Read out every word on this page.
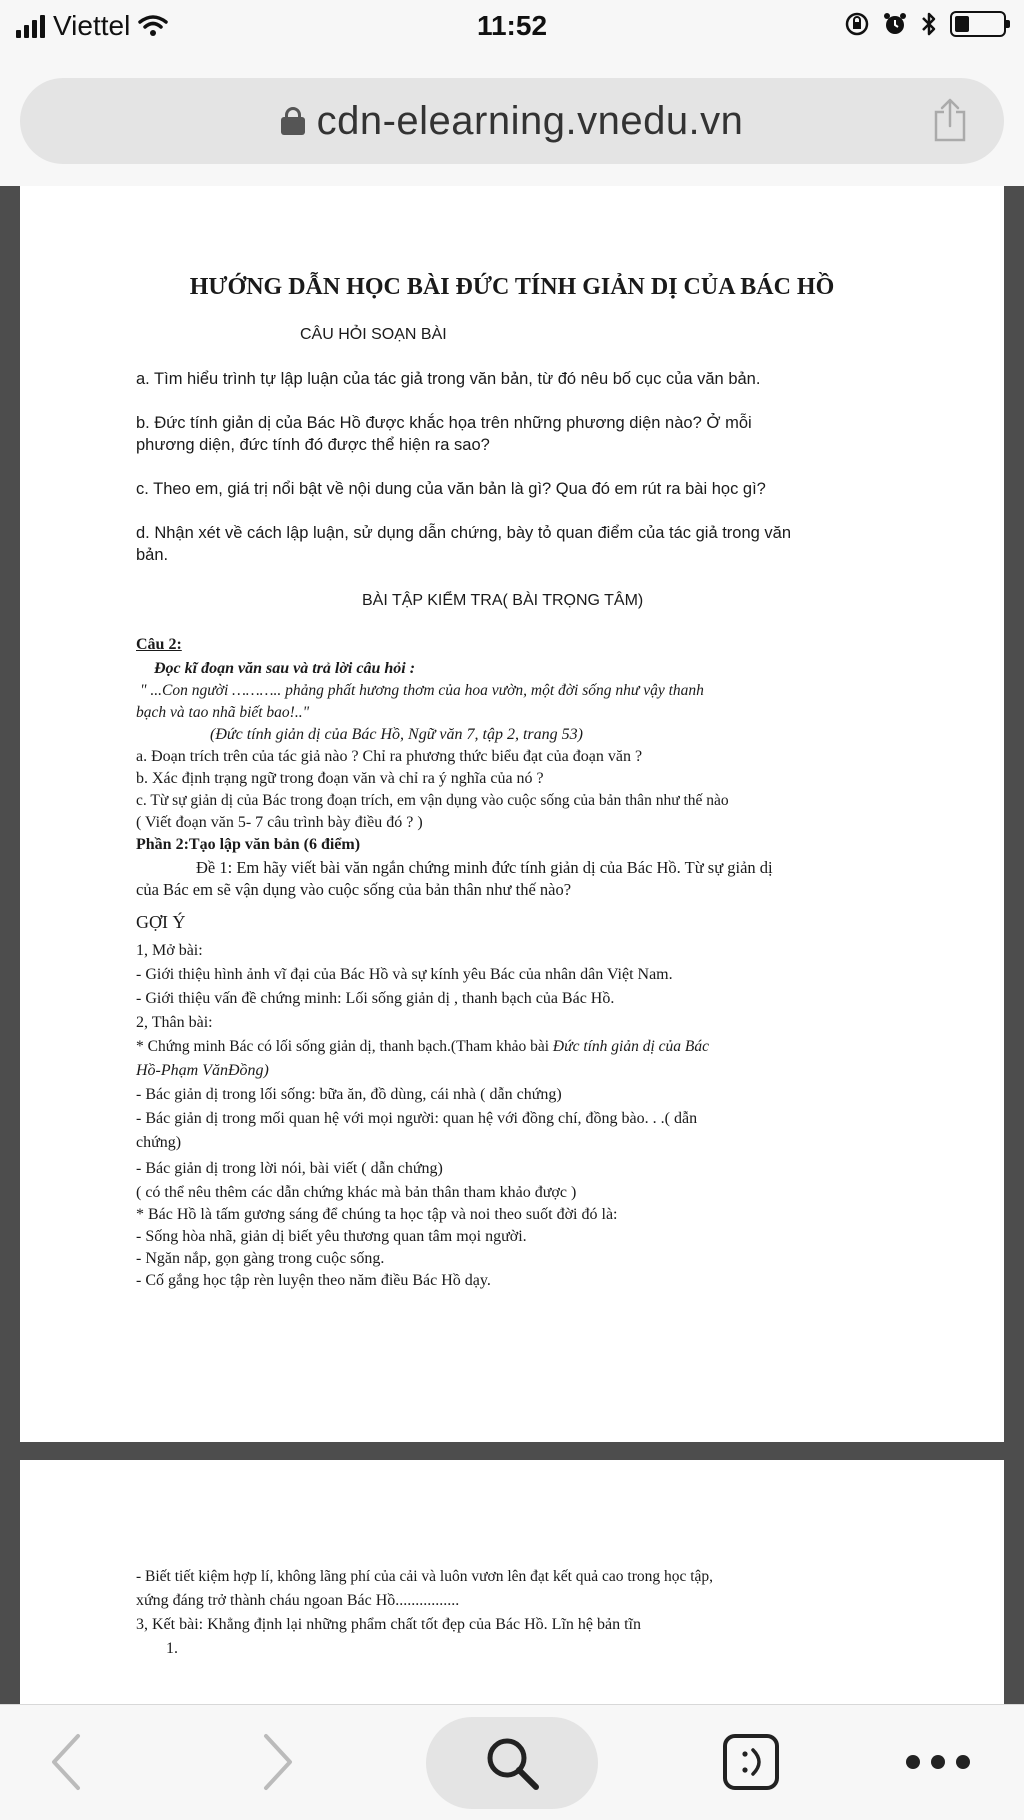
Viettel	11:52
cdn-elearning.vnedu.vn
HƯỚNG DẪN HỌC BÀI ĐỨC TÍNH GIẢN DỊ CỦA BÁC HỒ
CÂU HỎI SOẠN BÀI
a. Tìm hiểu trình tự lập luận của tác giả trong văn bản, từ đó nêu bố cục của văn bản.
b. Đức tính giản dị của Bác Hồ được khắc họa trên những phương diện nào? Ở mỗi
phương diện, đức tính đó được thể hiện ra sao?
c. Theo em, giá trị nổi bật về nội dung của văn bản là gì? Qua đó em rút ra bài học gì?
d. Nhận xét về cách lập luận, sử dụng dẫn chứng, bày tỏ quan điểm của tác giả trong văn
bản.
BÀI TẬP KIỂM TRA( BÀI TRỌNG TÂM)
Câu 2:
Đọc kĩ đoạn văn sau và trả lời câu hỏi :
" ...Con người ……….. phảng phất hương thơm của hoa vườn, một đời sống như vậy thanh
bạch và tao nhã biết bao!.."
(Đức tính giản dị của Bác Hồ, Ngữ văn 7, tập 2, trang 53)
a. Đoạn trích trên của tác giả nào ? Chỉ ra phương thức biểu đạt của đoạn văn ?
b. Xác định trạng ngữ trong đoạn văn và chỉ ra ý nghĩa của nó ?
c. Từ sự giản dị của Bác trong đoạn trích, em vận dụng vào cuộc sống của bản thân như thế nào
( Viết đoạn văn 5- 7 câu trình bày điều đó ? )
Phần 2:Tạo lập văn bản (6 điểm)
Đề 1: Em hãy viết bài văn ngắn chứng minh đức tính giản dị của Bác Hồ. Từ sự giản dị
của Bác em sẽ vận dụng vào cuộc sống của bản thân như thế nào?
GỢI Ý
1, Mở bài:
- Giới thiệu hình ảnh vĩ đại của Bác Hồ và sự kính yêu Bác của nhân dân Việt Nam.
- Giới thiệu vấn đề chứng minh: Lối sống giản dị , thanh bạch của Bác Hồ.
2, Thân bài:
* Chứng minh Bác có lối sống giản dị, thanh bạch.(Tham khảo bài Đức tính giản dị của Bác
Hồ-Phạm VănĐồng)
- Bác giản dị trong lối sống: bữa ăn, đồ dùng, cái nhà ( dẫn chứng)
- Bác giản dị trong mối quan hệ với mọi người: quan hệ với đồng chí, đồng bào. . .( dẫn
chứng)
- Bác giản dị trong lời nói, bài viết ( dẫn chứng)
( có thể nêu thêm các dẫn chứng khác mà bản thân tham khảo được )
* Bác Hồ là tấm gương sáng để chúng ta học tập và noi theo suốt đời đó là:
- Sống hòa nhã, giản dị biết yêu thương quan tâm mọi người.
- Ngăn nắp, gọn gàng trong cuộc sống.
- Cố gắng học tập rèn luyện theo năm điều Bác Hồ dạy.
- Biết tiết kiệm hợp lí, không lãng phí của cải và luôn vươn lên đạt kết quả cao trong học tập,
xứng đáng trở thành cháu ngoan Bác Hồ................
3, Kết bài: Khẳng định lại những phẩm chất tốt đẹp của Bác Hồ. Lĩn hệ bản tĩn
1.
